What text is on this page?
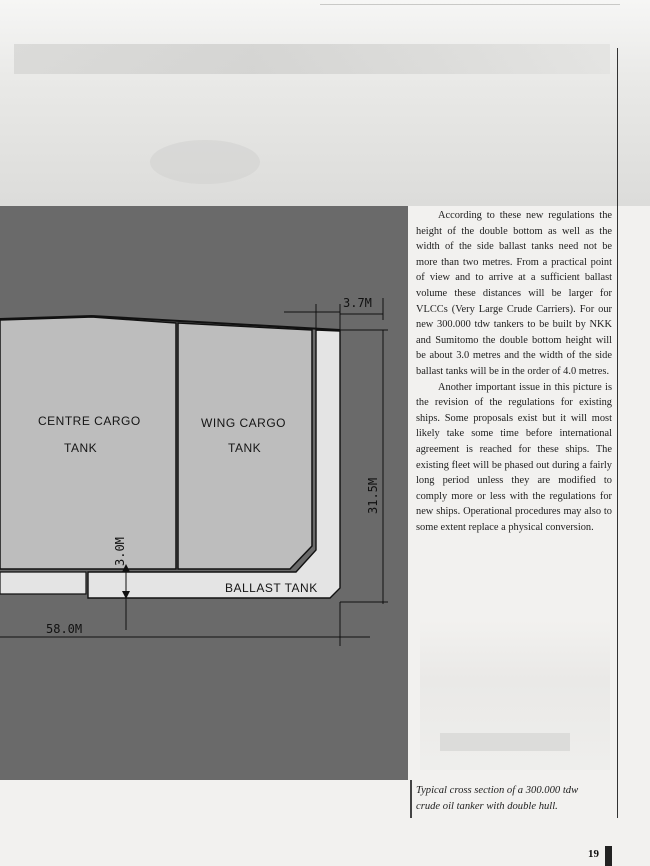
3.7M
31.5M
3.0M
58.0M
CENTRE CARGO
TANK
WING CARGO
TANK
BALLAST TANK

According to these new regulations the height of the double bottom as well as the width of the side ballast tanks need not be more than two metres. From a practical point of view and to arrive at a sufficient ballast volume these distances will be larger for VLCCs (Very Large Crude Carriers). For our new 300.000 tdw tankers to be built by NKK and Sumitomo the double bottom height will be about 3.0 metres and the width of the side ballast tanks will be in the order of 4.0 metres.

Another important issue in this picture is the revision of the regulations for existing ships. Some proposals exist but it will most likely take some time before international agreement is reached for these ships. The existing fleet will be phased out during a fairly long period unless they are modified to comply more or less with the regulations for new ships. Operational procedures may also to some extent replace a physical conversion.

Typical cross section of a 300.000 tdw
crude oil tanker with double hull.
19
